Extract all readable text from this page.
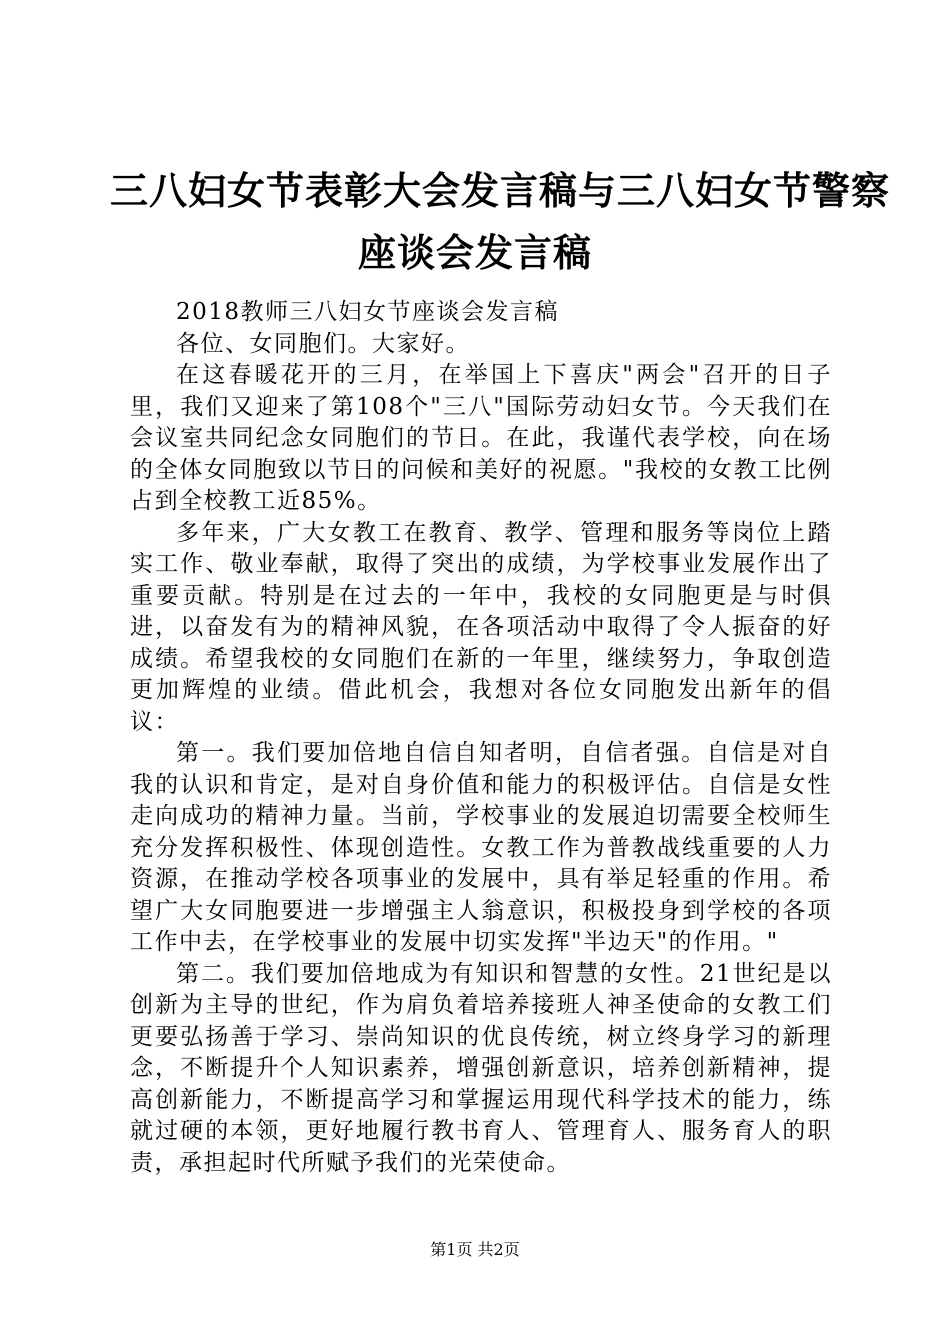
三八妇女节表彰大会发言稿与三八妇女节警察
座谈会发言稿

2018教师三八妇女节座谈会发言稿

各位、女同胞们。大家好。

在这春暖花开的三月，在举国上下喜庆"两会"召开的日子里，我们又迎来了第108个"三八"国际劳动妇女节。今天我们在会议室共同纪念女同胞们的节日。在此，我谨代表学校，向在场的全体女同胞致以节日的问候和美好的祝愿。"我校的女教工比例占到全校教工近85%。

多年来，广大女教工在教育、教学、管理和服务等岗位上踏实工作、敬业奉献，取得了突出的成绩，为学校事业发展作出了重要贡献。特别是在过去的一年中，我校的女同胞更是与时俱进，以奋发有为的精神风貌，在各项活动中取得了令人振奋的好成绩。希望我校的女同胞们在新的一年里，继续努力，争取创造更加辉煌的业绩。借此机会，我想对各位女同胞发出新年的倡议：

第一。我们要加倍地自信自知者明，自信者强。自信是对自我的认识和肯定，是对自身价值和能力的积极评估。自信是女性走向成功的精神力量。当前，学校事业的发展迫切需要全校师生充分发挥积极性、体现创造性。女教工作为普教战线重要的人力资源，在推动学校各项事业的发展中，具有举足轻重的作用。希望广大女同胞要进一步增强主人翁意识，积极投身到学校的各项工作中去，在学校事业的发展中切实发挥"半边天"的作用。"

第二。我们要加倍地成为有知识和智慧的女性。21世纪是以创新为主导的世纪，作为肩负着培养接班人神圣使命的女教工们更要弘扬善于学习、崇尚知识的优良传统，树立终身学习的新理念，不断提升个人知识素养，增强创新意识，培养创新精神，提高创新能力，不断提高学习和掌握运用现代科学技术的能力，练就过硬的本领，更好地履行教书育人、管理育人、服务育人的职责，承担起时代所赋予我们的光荣使命。

第1页 共2页
